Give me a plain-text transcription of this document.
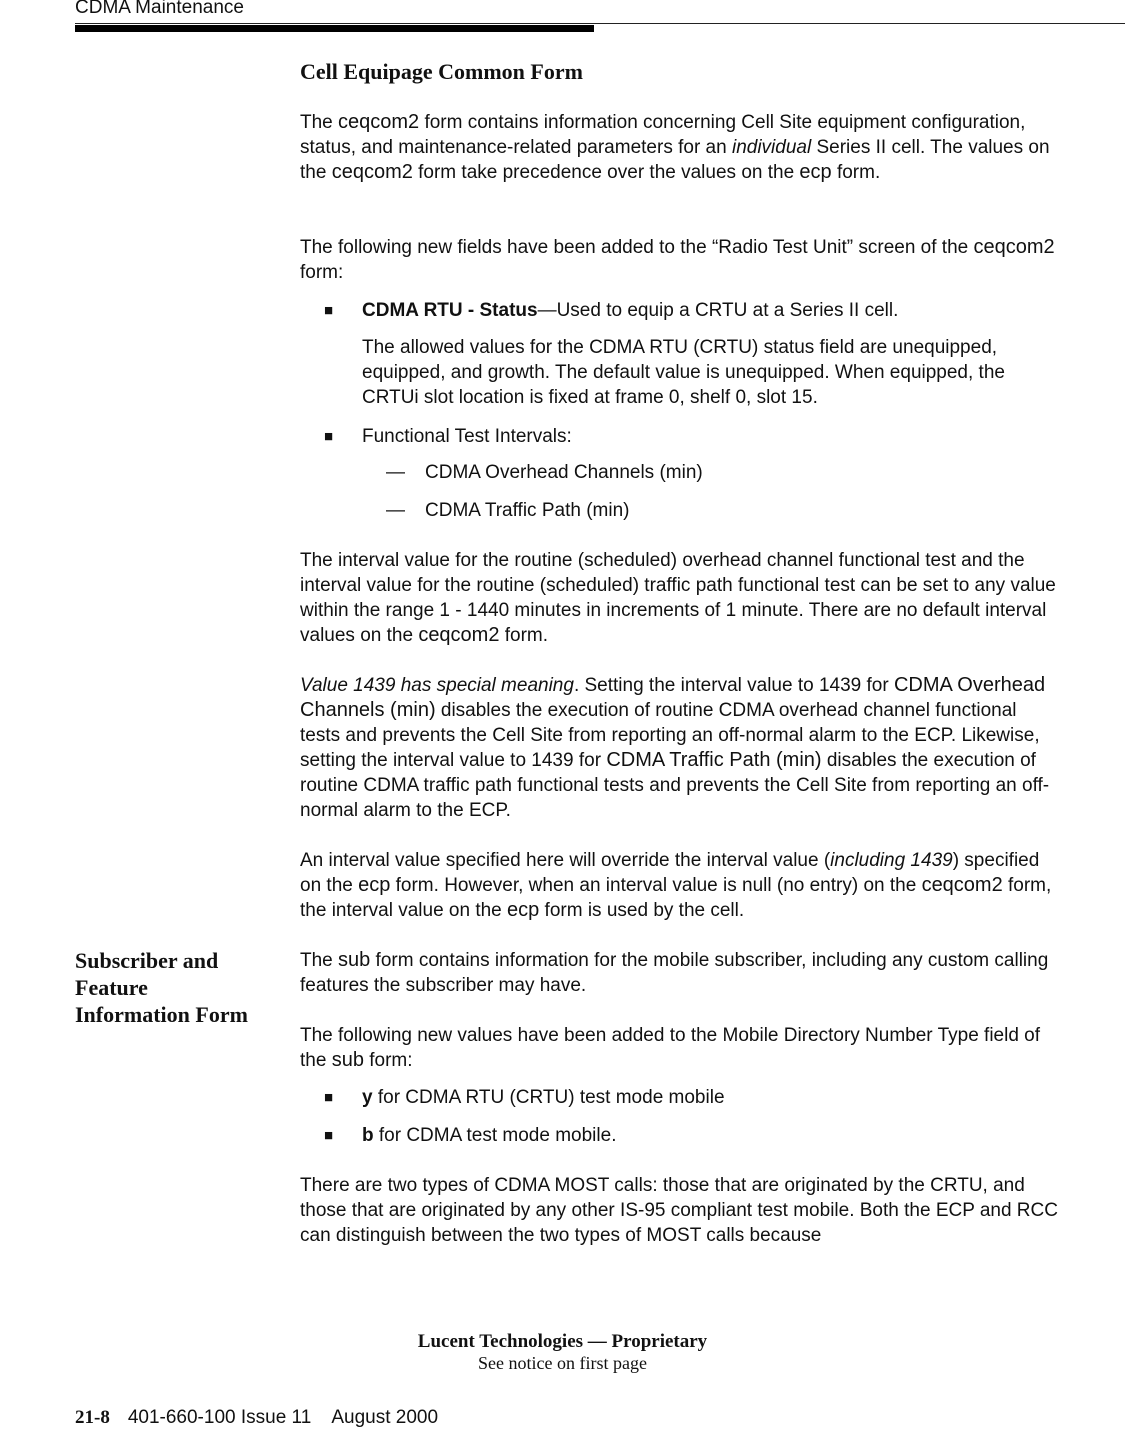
CDMA Maintenance
Cell Equipage Common Form

The ceqcom2 form contains information concerning Cell Site equipment configuration, status, and maintenance-related parameters for an individual Series II cell. The values on the ceqcom2 form take precedence over the values on the ecp form.

The following new fields have been added to the “Radio Test Unit” screen of the ceqcom2 form:

■ CDMA RTU - Status—Used to equip a CRTU at a Series II cell.

The allowed values for the CDMA RTU (CRTU) status field are unequipped, equipped, and growth. The default value is unequipped. When equipped, the CRTUi slot location is fixed at frame 0, shelf 0, slot 15.

■ Functional Test Intervals:
— CDMA Overhead Channels (min)
— CDMA Traffic Path (min)

The interval value for the routine (scheduled) overhead channel functional test and the interval value for the routine (scheduled) traffic path functional test can be set to any value within the range 1 - 1440 minutes in increments of 1 minute. There are no default interval values on the ceqcom2 form.

Value 1439 has special meaning. Setting the interval value to 1439 for CDMA Overhead Channels (min) disables the execution of routine CDMA overhead channel functional tests and prevents the Cell Site from reporting an off-normal alarm to the ECP. Likewise, setting the interval value to 1439 for CDMA Traffic Path (min) disables the execution of routine CDMA traffic path functional tests and prevents the Cell Site from reporting an off-normal alarm to the ECP.

An interval value specified here will override the interval value (including 1439) specified on the ecp form. However, when an interval value is null (no entry) on the ceqcom2 form, the interval value on the ecp form is used by the cell.

Subscriber and
Feature
Information Form

The sub form contains information for the mobile subscriber, including any custom calling features the subscriber may have.

The following new values have been added to the Mobile Directory Number Type field of the sub form:

■ y for CDMA RTU (CRTU) test mode mobile
■ b for CDMA test mode mobile.

There are two types of CDMA MOST calls: those that are originated by the CRTU, and those that are originated by any other IS-95 compliant test mobile. Both the ECP and RCC can distinguish between the two types of MOST calls because

Lucent Technologies — Proprietary
See notice on first page
21-8 401-660-100 Issue 11    August 2000
